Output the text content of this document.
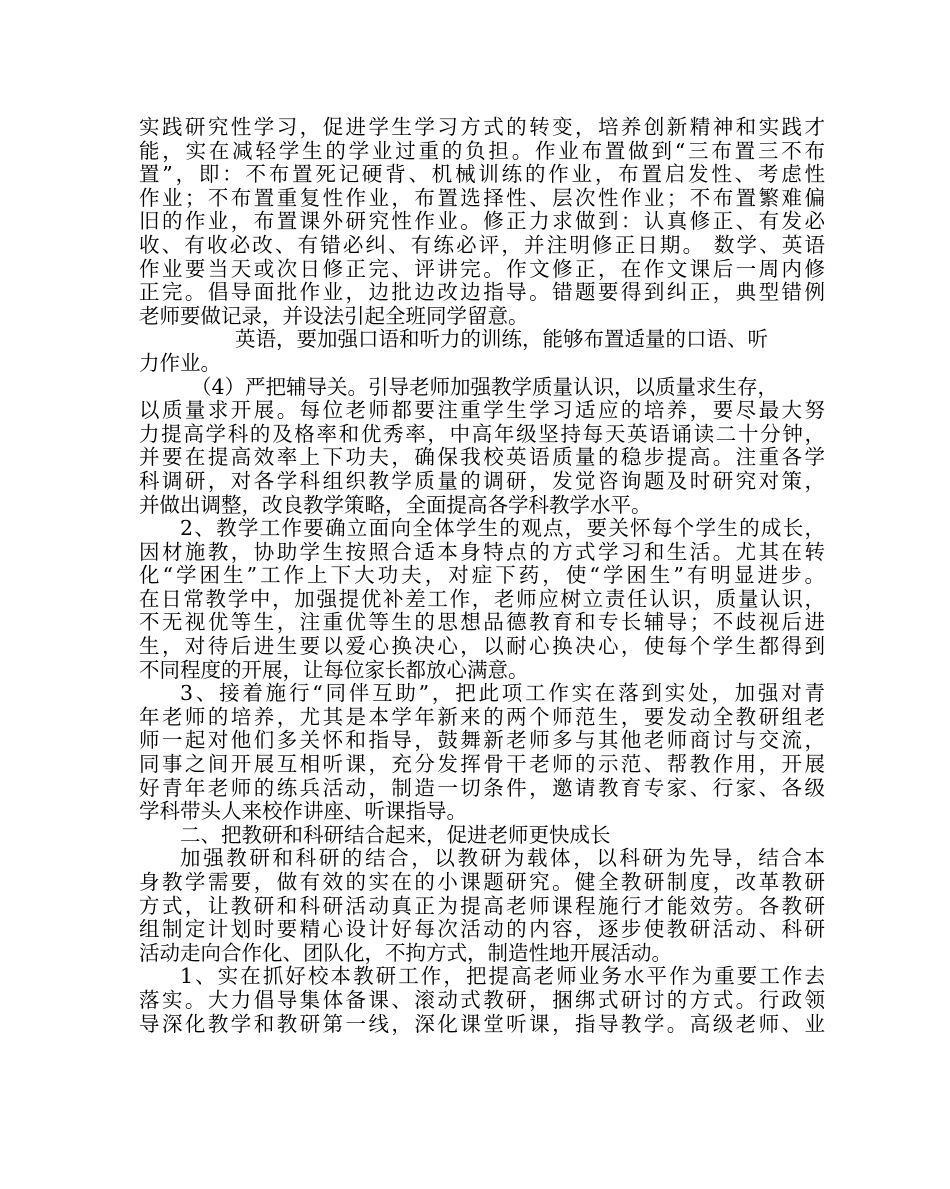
实践研究性学习，促进学生学习方式的转变，培养创新精神和实践才
能，实在减轻学生的学业过重的负担。作业布置做到“三布置三不布
置”，即：不布置死记硬背、机械训练的作业，布置启发性、考虑性
作业；不布置重复性作业，布置选择性、层次性作业；不布置繁难偏
旧的作业，布置课外研究性作业。修正力求做到：认真修正、有发必
收、有收必改、有错必纠、有练必评，并注明修正日期。 数学、英语
作业要当天或次日修正完、评讲完。作文修正，在作文课后一周内修
正完。倡导面批作业，边批边改边指导。错题要得到纠正，典型错例
老师要做记录，并设法引起全班同学留意。
英语，要加强口语和听力的训练，能够布置适量的口语、听
力作业。
（4）严把辅导关。引导老师加强教学质量认识，以质量求生存，
以质量求开展。每位老师都要注重学生学习适应的培养，要尽最大努
力提高学科的及格率和优秀率，中高年级坚持每天英语诵读二十分钟，
并要在提高效率上下功夫，确保我校英语质量的稳步提高。注重各学
科调研，对各学科组织教学质量的调研，发觉咨询题及时研究对策，
并做出调整，改良教学策略，全面提高各学科教学水平。
2、教学工作要确立面向全体学生的观点，要关怀每个学生的成长，
因材施教，协助学生按照合适本身特点的方式学习和生活。尤其在转
化“学困生”工作上下大功夫，对症下药，使“学困生”有明显进步。
在日常教学中，加强提优补差工作，老师应树立责任认识，质量认识，
不无视优等生，注重优等生的思想品德教育和专长辅导；不歧视后进
生，对待后进生要以爱心换决心，以耐心换决心，使每个学生都得到
不同程度的开展，让每位家长都放心满意。
3、接着施行“同伴互助”，把此项工作实在落到实处，加强对青
年老师的培养，尤其是本学年新来的两个师范生，要发动全教研组老
师一起对他们多关怀和指导，鼓舞新老师多与其他老师商讨与交流，
同事之间开展互相听课，充分发挥骨干老师的示范、帮教作用，开展
好青年老师的练兵活动，制造一切条件，邀请教育专家、行家、各级
学科带头人来校作讲座、听课指导。
二、把教研和科研结合起来，促进老师更快成长
加强教研和科研的结合，以教研为载体，以科研为先导，结合本
身教学需要，做有效的实在的小课题研究。健全教研制度，改革教研
方式，让教研和科研活动真正为提高老师课程施行才能效劳。各教研
组制定计划时要精心设计好每次活动的内容，逐步使教研活动、科研
活动走向合作化、团队化，不拘方式，制造性地开展活动。
1、实在抓好校本教研工作，把提高老师业务水平作为重要工作去
落实。大力倡导集体备课、滚动式教研，捆绑式研讨的方式。行政领
导深化教学和教研第一线，深化课堂听课，指导教学。高级老师、业
